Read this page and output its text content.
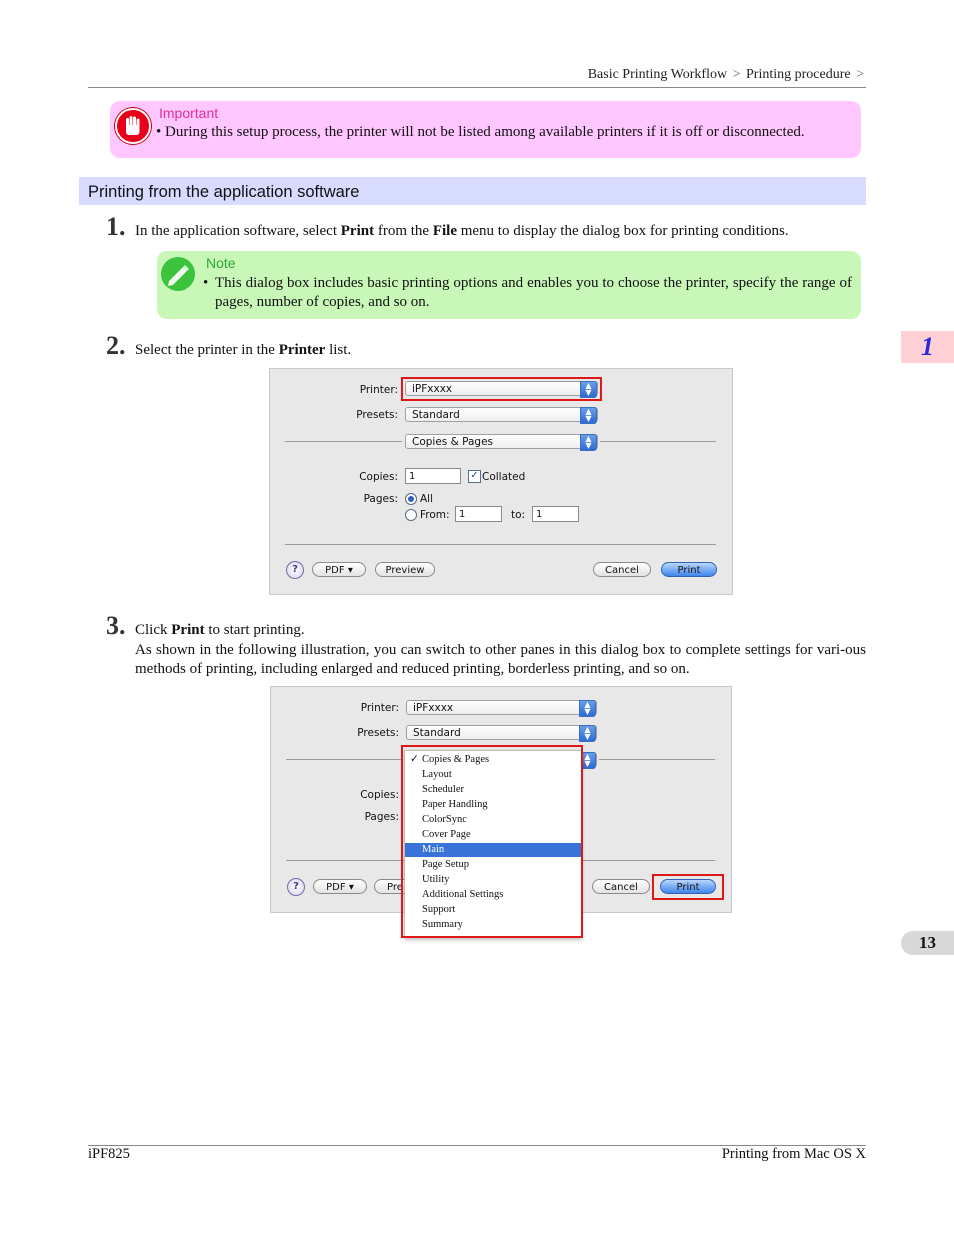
Basic Printing Workflow > Printing procedure >
Important
• During this setup process, the printer will not be listed among available printers if it is off or disconnected.
Printing from the application software
1. In the application software, select Print from the File menu to display the dialog box for printing conditions.
Note
• This dialog box includes basic printing options and enables you to choose the printer, specify the range of pages, number of copies, and so on.
2. Select the printer in the Printer list.
Printer:	iPFxxxx	▲
▼
Presets:	Standard	▲
▼
Copies & Pages	▲
▼
Copies:	1	✓ Collated
Pages: All
From: 1	to:	1
?	PDF ▾	Preview	Cancel	Print
3. Click Print to start printing.
As shown in the following illustration, you can switch to other panes in this dialog box to complete settings for vari-ous methods of printing, including enlarged and reduced printing, borderless printing, and so on.
Printer:	iPFxxxx	▲
▼
Presets:	Standard	▲
▼
▲
▼
Copies:
Pages:
?	PDF ▾	Pre	Cancel	Print
✓ Copies & Pages
Layout
Scheduler
Paper Handling
ColorSync
Cover Page
Main
Page Setup
Utility
Additional Settings
Support
Summary
1
13
iPF825	Printing from Mac OS X
